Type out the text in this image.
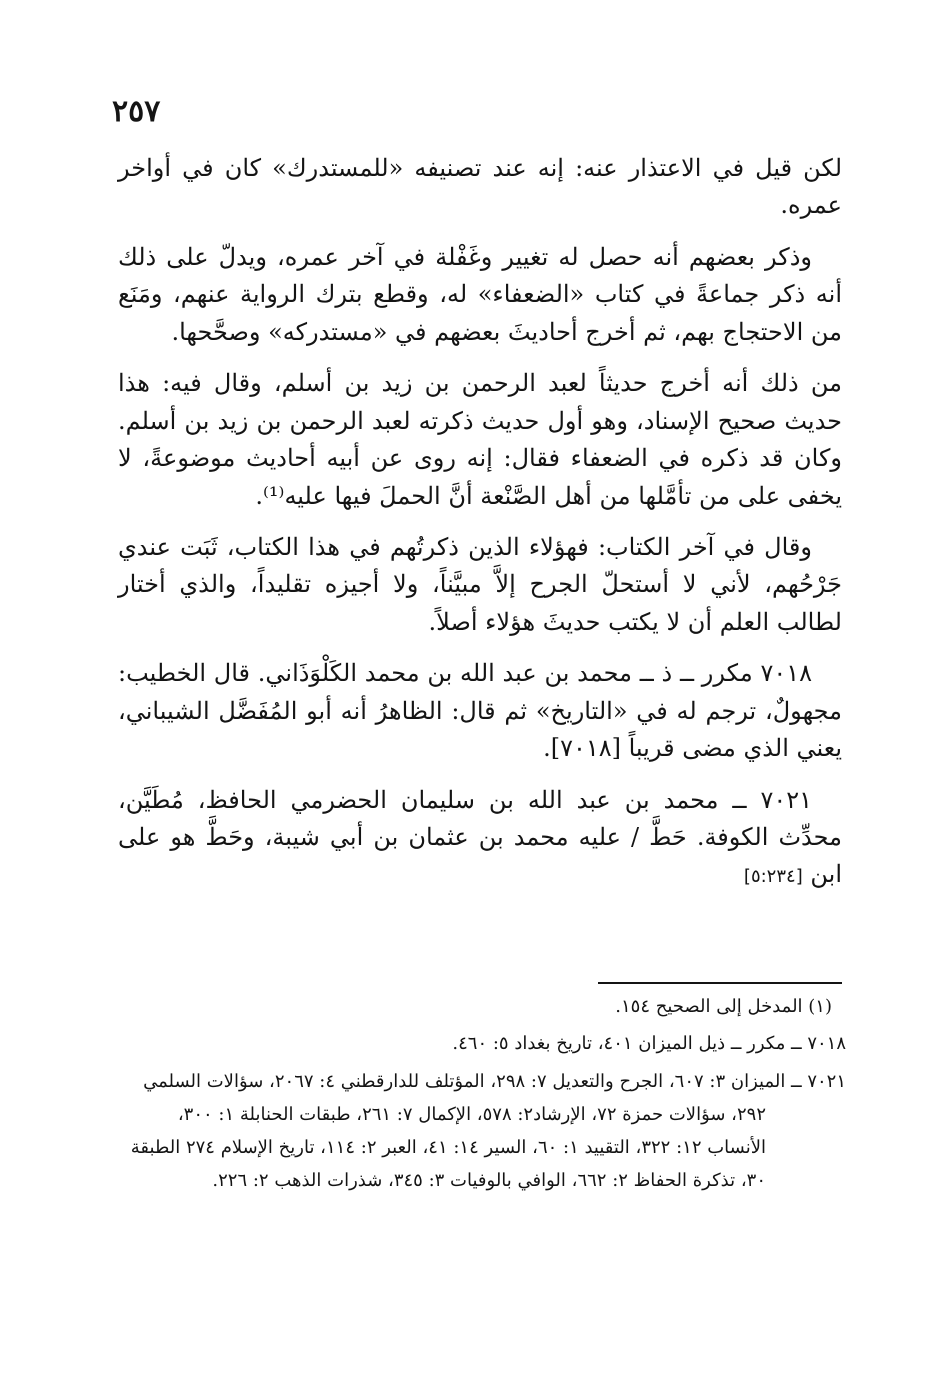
٢٥٧

لكن قيل في الاعتذار عنه: إنه عند تصنيفه «للمستدرك» كان في أواخر عمره.

وذكر بعضهم أنه حصل له تغيير وغَفْلة في آخر عمره، ويدلّ على ذلك أنه ذكر جماعةً في كتاب «الضعفاء» له، وقطع بترك الرواية عنهم، ومَنَع من الاحتجاج بهم، ثم أخرج أحاديثَ بعضهم في «مستدركه» وصحَّحها.

من ذلك أنه أخرج حديثاً لعبد الرحمن بن زيد بن أسلم، وقال فيه: هذا حديث صحيح الإسناد، وهو أول حديث ذكرته لعبد الرحمن بن زيد بن أسلم. وكان قد ذكره في الضعفاء فقال: إنه روى عن أبيه أحاديث موضوعةً، لا يخفى على من تأمَّلها من أهل الصَّنْعة أنَّ الحملَ فيها عليه⁽¹⁾.

وقال في آخر الكتاب: فهؤلاء الذين ذكرتُهم في هذا الكتاب، ثَبَت عندي جَرْحُهم، لأني لا أستحلّ الجرح إلاَّ مبيَّناً، ولا أجيزه تقليداً، والذي أختار لطالب العلم أن لا يكتب حديثَ هؤلاء أصلاً.

٧٠١٨ مكرر ــ ذ ــ محمد بن عبد الله بن محمد الكَلْوَذَاني. قال الخطيب: مجهولٌ، ترجم له في «التاريخ» ثم قال: الظاهرُ أنه أبو المُفَضَّل الشيباني، يعني الذي مضى قريباً [٧٠١٨].

٧٠٢١ ــ محمد بن عبد الله بن سليمان الحضرمي الحافظ، مُطَيَّن، محدِّث الكوفة. حَطَّ / عليه محمد بن عثمان بن أبي شيبة، وحَطَّ هو على ابن [٥:٢٣٤]

(١) المدخل إلى الصحيح ١٥٤.

٧٠١٨ ــ مكرر ــ ذيل الميزان ٤٠١، تاريخ بغداد ٥: ٤٦٠.

٧٠٢١ ــ الميزان ٣: ٦٠٧، الجرح والتعديل ٧: ٢٩٨، المؤتلف للدارقطني ٤: ٢٠٦٧، سؤالات السلمي ٢٩٢، سؤالات حمزة ٧٢، الإرشاد٢: ٥٧٨، الإكمال ٧: ٢٦١، طبقات الحنابلة ١: ٣٠٠، الأنساب ١٢: ٣٢٢، التقييد ١: ٦٠، السير ١٤: ٤١، العبر ٢: ١١٤، تاريخ الإسلام ٢٧٤ الطبقة ٣٠، تذكرة الحفاظ ٢: ٦٦٢، الوافي بالوفيات ٣: ٣٤٥، شذرات الذهب ٢: ٢٢٦.
